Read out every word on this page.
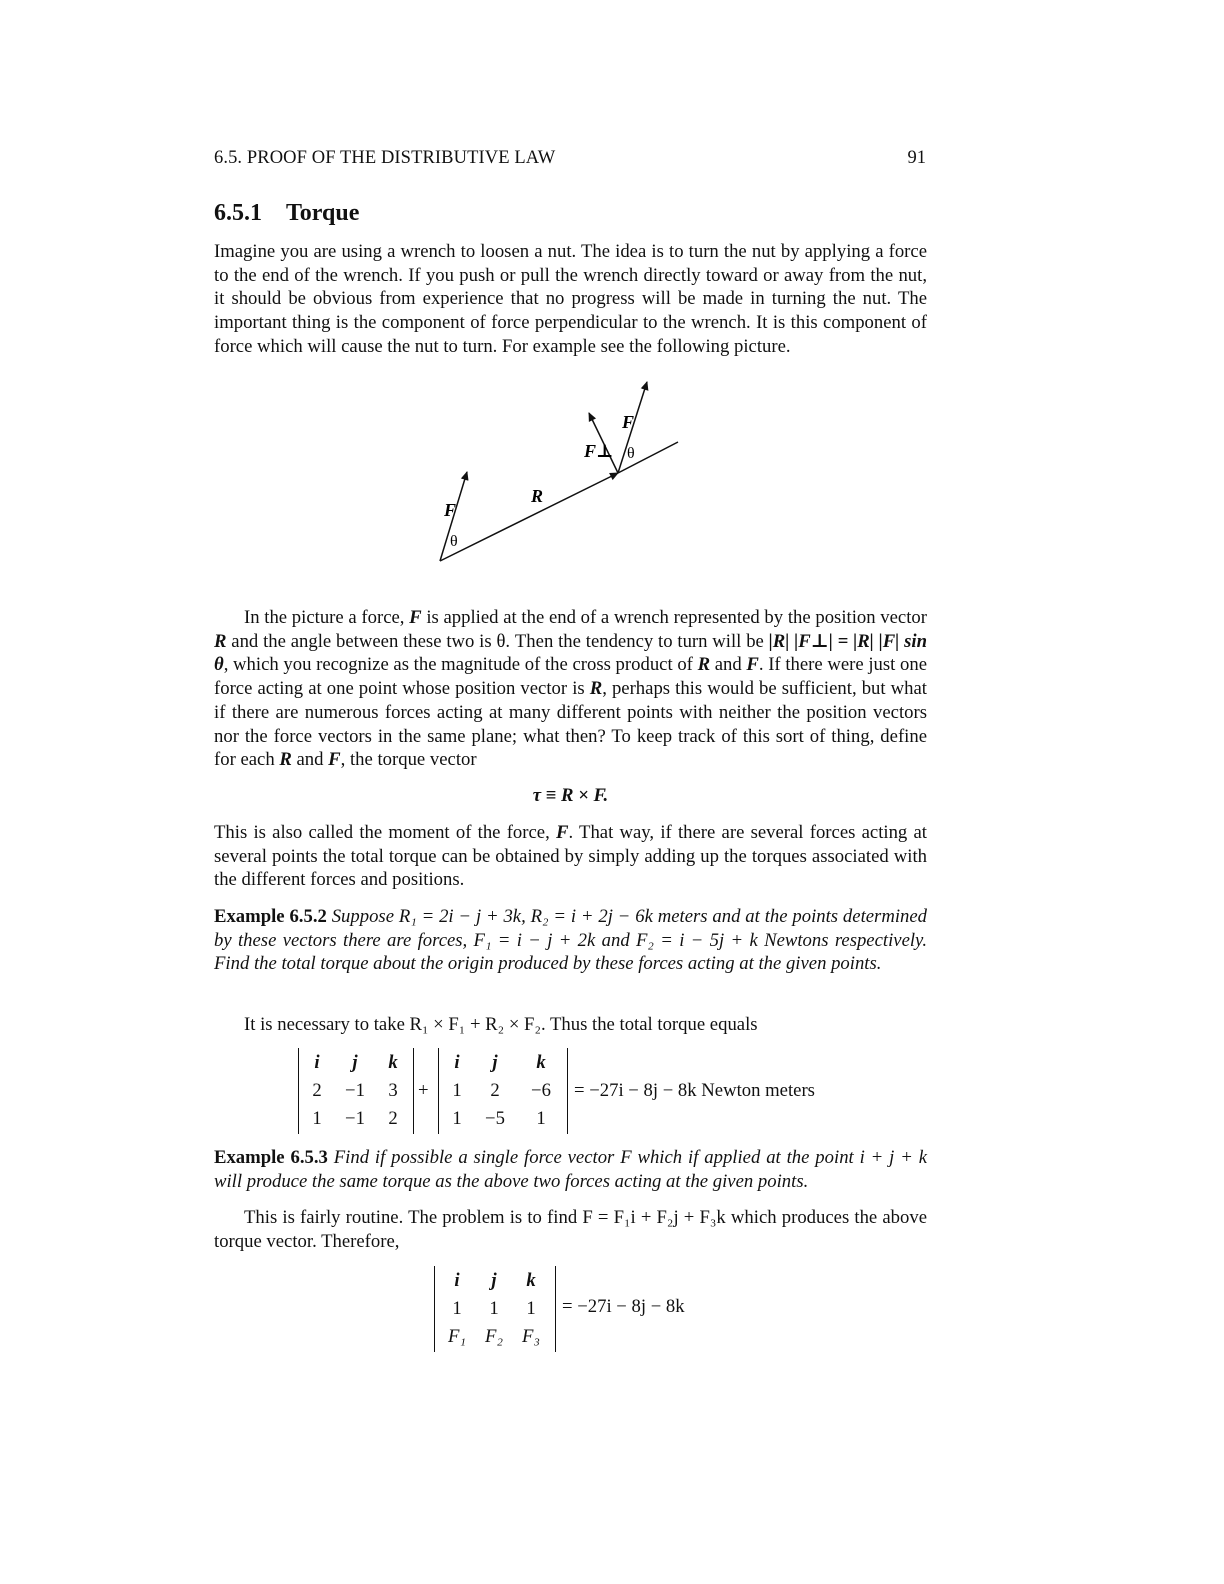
6.5. PROOF OF THE DISTRIBUTIVE LAW	91
6.5.1 Torque

Imagine you are using a wrench to loosen a nut. The idea is to turn the nut by applying a force to the end of the wrench. If you push or pull the wrench directly toward or away from the nut, it should be obvious from experience that no progress will be made in turning the nut. The important thing is the component of force perpendicular to the wrench. It is this component of force which will cause the nut to turn. For example see the following picture.

R
F
θ
F
θ
F⊥

In the picture a force, F is applied at the end of a wrench represented by the position vector R and the angle between these two is θ. Then the tendency to turn will be |R| |F⊥| = |R| |F| sin θ, which you recognize as the magnitude of the cross product of R and F. If there were just one force acting at one point whose position vector is R, perhaps this would be sufficient, but what if there are numerous forces acting at many different points with neither the position vectors nor the force vectors in the same plane; what then? To keep track of this sort of thing, define for each R and F, the torque vector

τ ≡ R × F.

This is also called the moment of the force, F. That way, if there are several forces acting at several points the total torque can be obtained by simply adding up the torques associated with the different forces and positions.

Example 6.5.2 Suppose R₁ = 2i − j + 3k, R₂ = i + 2j − 6k meters and at the points determined by these vectors there are forces, F₁ = i − j + 2k and F₂ = i − 5j + k Newtons respectively. Find the total torque about the origin produced by these forces acting at the given points.

It is necessary to take R₁ × F₁ + R₂ × F₂. Thus the total torque equals

i	j	k
2	−1	3
1	−1	2
+
i	j	k
1	2	−6
1	−5	1
= −27i − 8j − 8k Newton meters

Example 6.5.3 Find if possible a single force vector F which if applied at the point i + j + k will produce the same torque as the above two forces acting at the given points.

This is fairly routine. The problem is to find F = F₁i + F₂j + F₃k which produces the above torque vector. Therefore,

i	j	k
1	1	1
F₁	F₂	F₃
= −27i − 8j − 8k
